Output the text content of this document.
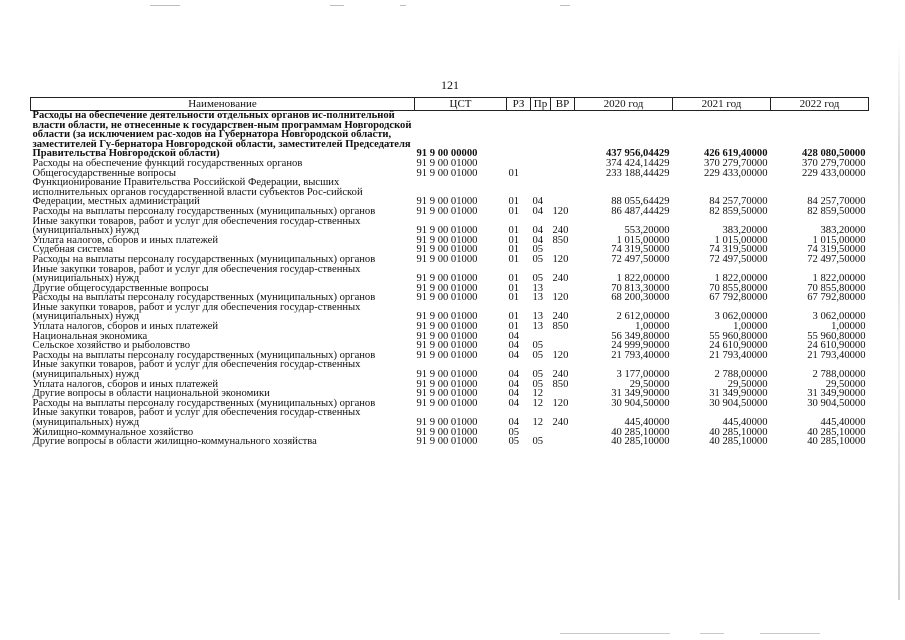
121
Наименование	ЦСТ	РЗ	Пр	ВР	2020 год	2021 год	2022 год
Расходы на обеспечение деятельности отдельных органов ис-полнительной власти области, не отнесенные к государствен-ным программам Новгородской области (за исключением рас-ходов на Губернатора Новгородской области, заместителей Гу-бернатора Новгородской области, заместителей Председателя Правительства Новгородской области)	91 9 00 00000				437 956,04429	426 619,40000	428 080,50000
Расходы на обеспечение функций государственных органов	91 9 00 01000				374 424,14429	370 279,70000	370 279,70000
Общегосударственные вопросы	91 9 00 01000	01			233 188,44429	229 433,00000	229 433,00000
Функционирование Правительства Российской Федерации, высших исполнительных органов государственной власти субъектов Рос-сийской Федерации, местных администраций	91 9 00 01000	01	04		88 055,64429	84 257,70000	84 257,70000
Расходы на выплаты персоналу государственных (муниципальных) органов	91 9 00 01000	01	04	120	86 487,44429	82 859,50000	82 859,50000
Иные закупки товаров, работ и услуг для обеспечения государ-ственных (муниципальных) нужд	91 9 00 01000	01	04	240	553,20000	383,20000	383,20000
Уплата налогов, сборов и иных платежей	91 9 00 01000	01	04	850	1 015,00000	1 015,00000	1 015,00000
Судебная система	91 9 00 01000	01	05		74 319,50000	74 319,50000	74 319,50000
Расходы на выплаты персоналу государственных (муниципальных) органов	91 9 00 01000	01	05	120	72 497,50000	72 497,50000	72 497,50000
Иные закупки товаров, работ и услуг для обеспечения государ-ственных (муниципальных) нужд	91 9 00 01000	01	05	240	1 822,00000	1 822,00000	1 822,00000
Другие общегосударственные вопросы	91 9 00 01000	01	13		70 813,30000	70 855,80000	70 855,80000
Расходы на выплаты персоналу государственных (муниципальных) органов	91 9 00 01000	01	13	120	68 200,30000	67 792,80000	67 792,80000
Иные закупки товаров, работ и услуг для обеспечения государ-ственных (муниципальных) нужд	91 9 00 01000	01	13	240	2 612,00000	3 062,00000	3 062,00000
Уплата налогов, сборов и иных платежей	91 9 00 01000	01	13	850	1,00000	1,00000	1,00000
Национальная экономика	91 9 00 01000	04			56 349,80000	55 960,80000	55 960,80000
Сельское хозяйство и рыболовство	91 9 00 01000	04	05		24 999,90000	24 610,90000	24 610,90000
Расходы на выплаты персоналу государственных (муниципальных) органов	91 9 00 01000	04	05	120	21 793,40000	21 793,40000	21 793,40000
Иные закупки товаров, работ и услуг для обеспечения государ-ственных (муниципальных) нужд	91 9 00 01000	04	05	240	3 177,00000	2 788,00000	2 788,00000
Уплата налогов, сборов и иных платежей	91 9 00 01000	04	05	850	29,50000	29,50000	29,50000
Другие вопросы в области национальной экономики	91 9 00 01000	04	12		31 349,90000	31 349,90000	31 349,90000
Расходы на выплаты персоналу государственных (муниципальных) органов	91 9 00 01000	04	12	120	30 904,50000	30 904,50000	30 904,50000
Иные закупки товаров, работ и услуг для обеспечения государ-ственных (муниципальных) нужд	91 9 00 01000	04	12	240	445,40000	445,40000	445,40000
Жилищно-коммунальное хозяйство	91 9 00 01000	05			40 285,10000	40 285,10000	40 285,10000
Другие вопросы в области жилищно-коммунального хозяйства	91 9 00 01000	05	05		40 285,10000	40 285,10000	40 285,10000
